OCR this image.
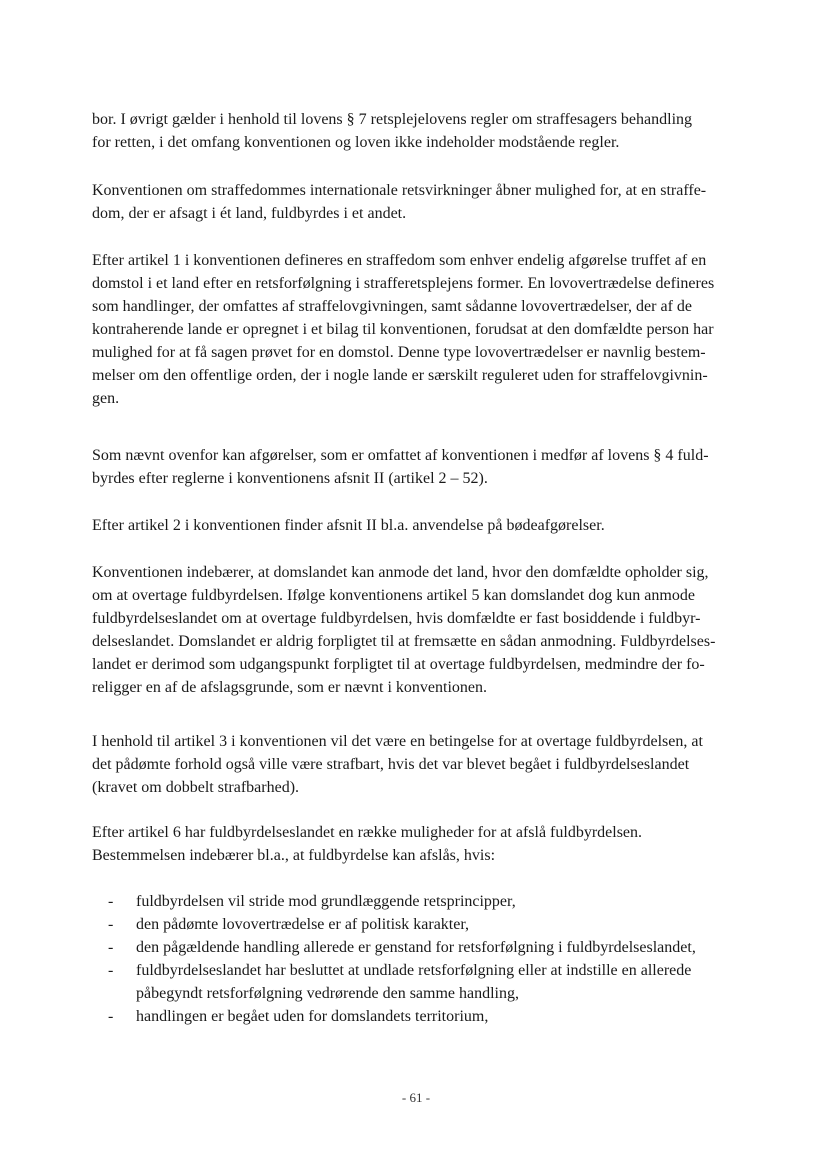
bor. I øvrigt gælder i henhold til lovens § 7 retsplejelovens regler om straffesagers behandling
for retten, i det omfang konventionen og loven ikke indeholder modstående regler.

Konventionen om straffedommes internationale retsvirkninger åbner mulighed for, at en straffe-
dom, der er afsagt i ét land, fuldbyrdes i et andet.

Efter artikel 1 i konventionen defineres en straffedom som enhver endelig afgørelse truffet af en
domstol i et land efter en retsforfølgning i strafferetsplejens former. En lovovertrædelse defineres
som handlinger, der omfattes af straffelovgivningen, samt sådanne lovovertrædelser, der af de
kontraherende lande er opregnet i et bilag til konventionen, forudsat at den domfældte person har
mulighed for at få sagen prøvet for en domstol. Denne type lovovertrædelser er navnlig bestem-
melser om den offentlige orden, der i nogle lande er særskilt reguleret uden for straffelovgivnin-
gen.

Som nævnt ovenfor kan afgørelser, som er omfattet af konventionen i medfør af lovens § 4 fuld-
byrdes efter reglerne i konventionens afsnit II (artikel 2 – 52).

Efter artikel 2 i konventionen finder afsnit II bl.a. anvendelse på bødeafgørelser.

Konventionen indebærer, at domslandet kan anmode det land, hvor den domfældte opholder sig,
om at overtage fuldbyrdelsen. Ifølge konventionens artikel 5 kan domslandet dog kun anmode
fuldbyrdelseslandet om at overtage fuldbyrdelsen, hvis domfældte er fast bosiddende i fuldbyr-
delseslandet. Domslandet er aldrig forpligtet til at fremsætte en sådan anmodning. Fuldbyrdelses-
landet er derimod som udgangspunkt forpligtet til at overtage fuldbyrdelsen, medmindre der fo-
religger en af de afslagsgrunde, som er nævnt i konventionen.

I henhold til artikel 3 i konventionen vil det være en betingelse for at overtage fuldbyrdelsen, at
det pådømte forhold også ville være strafbart, hvis det var blevet begået i fuldbyrdelseslandet
(kravet om dobbelt strafbarhed).

Efter artikel 6 har fuldbyrdelseslandet en række muligheder for at afslå fuldbyrdelsen.
Bestemmelsen indebærer bl.a., at fuldbyrdelse kan afslås, hvis:

- fuldbyrdelsen vil stride mod grundlæggende retsprincipper,
- den pådømte lovovertrædelse er af politisk karakter,
- den pågældende handling allerede er genstand for retsforfølgning i fuldbyrdelseslandet,
- fuldbyrdelseslandet har besluttet at undlade retsforfølgning eller at indstille en allerede
påbegyndt retsforfølgning vedrørende den samme handling,
- handlingen er begået uden for domslandets territorium,
- 61 -
